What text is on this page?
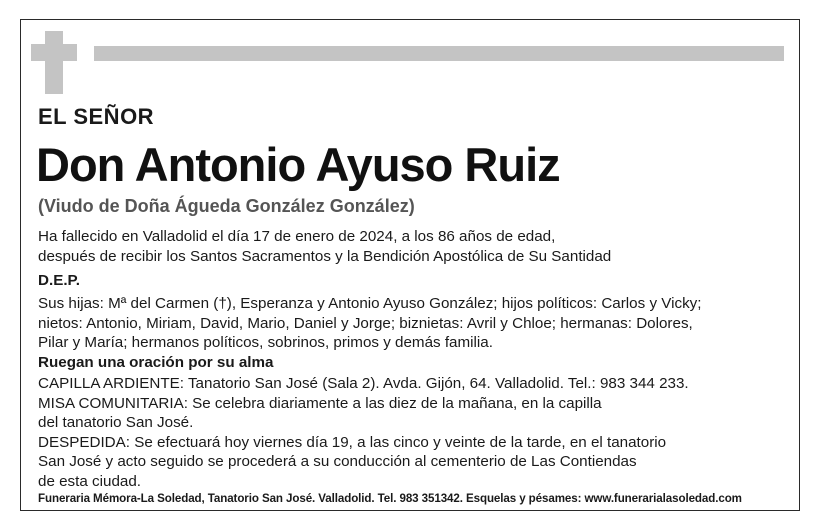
EL SEÑOR
Don Antonio Ayuso Ruiz
(Viudo de Doña Águeda González González)
Ha fallecido en Valladolid el día 17 de enero de 2024, a los 86 años de edad,
después de recibir los Santos Sacramentos y la Bendición Apostólica de Su Santidad
D.E.P.
Sus hijas: Mª del Carmen (†), Esperanza y Antonio Ayuso González; hijos políticos: Carlos y Vicky;
nietos: Antonio, Miriam, David, Mario, Daniel y Jorge; biznietas: Avril y Chloe; hermanas: Dolores,
Pilar y María; hermanos políticos, sobrinos, primos y demás familia.
Ruegan una oración por su alma
CAPILLA ARDIENTE: Tanatorio San José (Sala 2). Avda. Gijón, 64. Valladolid. Tel.: 983 344 233.
MISA COMUNITARIA: Se celebra diariamente a las diez de la mañana, en la capilla
del tanatorio San José.
DESPEDIDA: Se efectuará hoy viernes día 19, a las cinco y veinte de la tarde, en el tanatorio
San José y acto seguido se procederá a su conducción al cementerio de Las Contiendas
de esta ciudad.
Funeraria Mémora-La Soledad, Tanatorio San José. Valladolid. Tel. 983 351342. Esquelas y pésames: www.funerarialasoledad.com
